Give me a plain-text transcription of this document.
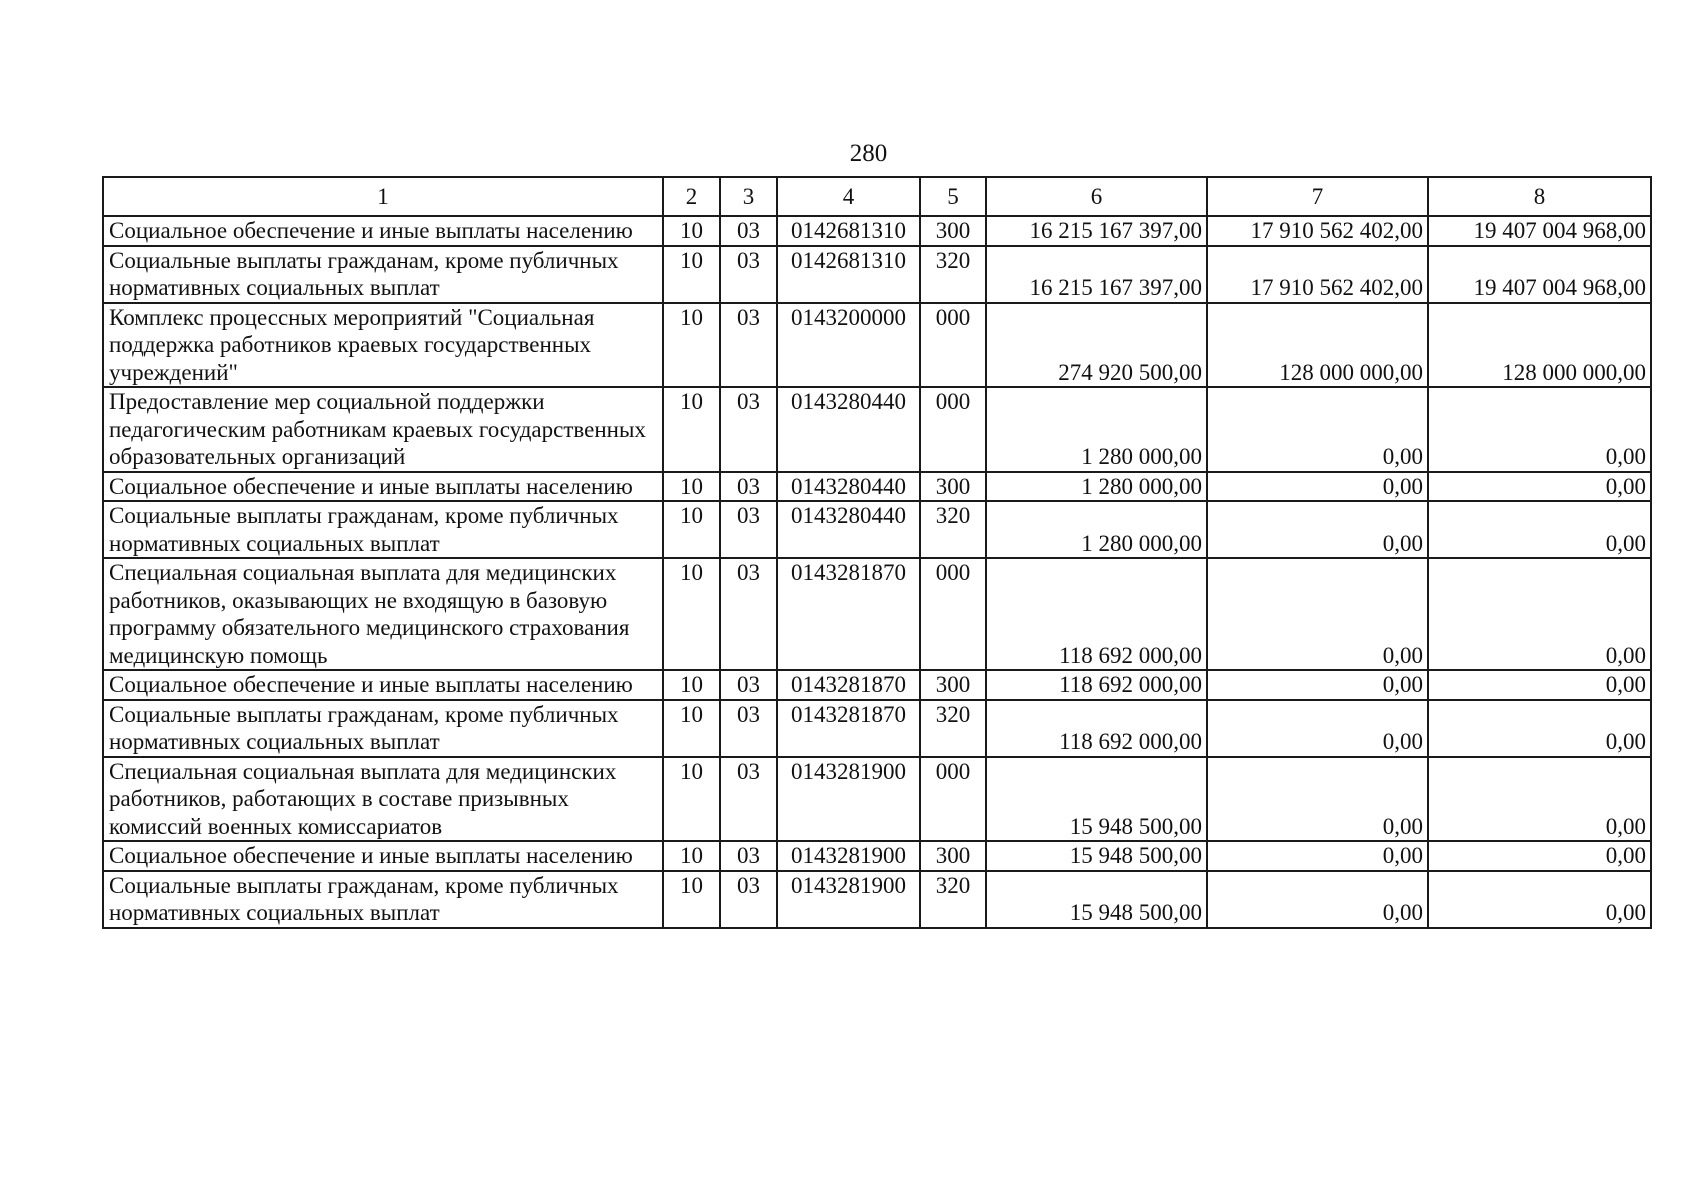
280
1	2	3	4	5	6	7	8
Социальное обеспечение и иные выплаты населению	10	03	0142681310	300	16 215 167 397,00	17 910 562 402,00	19 407 004 968,00
Социальные выплаты гражданам, кроме публичных нормативных социальных выплат	10	03	0142681310	320	16 215 167 397,00	17 910 562 402,00	19 407 004 968,00
Комплекс процессных мероприятий "Социальная поддержка работников краевых государственных учреждений"	10	03	0143200000	000	274 920 500,00	128 000 000,00	128 000 000,00
Предоставление мер социальной поддержки педагогическим работникам краевых государственных образовательных организаций	10	03	0143280440	000	1 280 000,00	0,00	0,00
Социальное обеспечение и иные выплаты населению	10	03	0143280440	300	1 280 000,00	0,00	0,00
Социальные выплаты гражданам, кроме публичных нормативных социальных выплат	10	03	0143280440	320	1 280 000,00	0,00	0,00
Специальная социальная выплата для медицинских работников, оказывающих не входящую в базовую программу обязательного медицинского страхования медицинскую помощь	10	03	0143281870	000	118 692 000,00	0,00	0,00
Социальное обеспечение и иные выплаты населению	10	03	0143281870	300	118 692 000,00	0,00	0,00
Социальные выплаты гражданам, кроме публичных нормативных социальных выплат	10	03	0143281870	320	118 692 000,00	0,00	0,00
Специальная социальная выплата для медицинских работников, работающих в составе призывных комиссий военных комиссариатов	10	03	0143281900	000	15 948 500,00	0,00	0,00
Социальное обеспечение и иные выплаты населению	10	03	0143281900	300	15 948 500,00	0,00	0,00
Социальные выплаты гражданам, кроме публичных нормативных социальных выплат	10	03	0143281900	320	15 948 500,00	0,00	0,00
